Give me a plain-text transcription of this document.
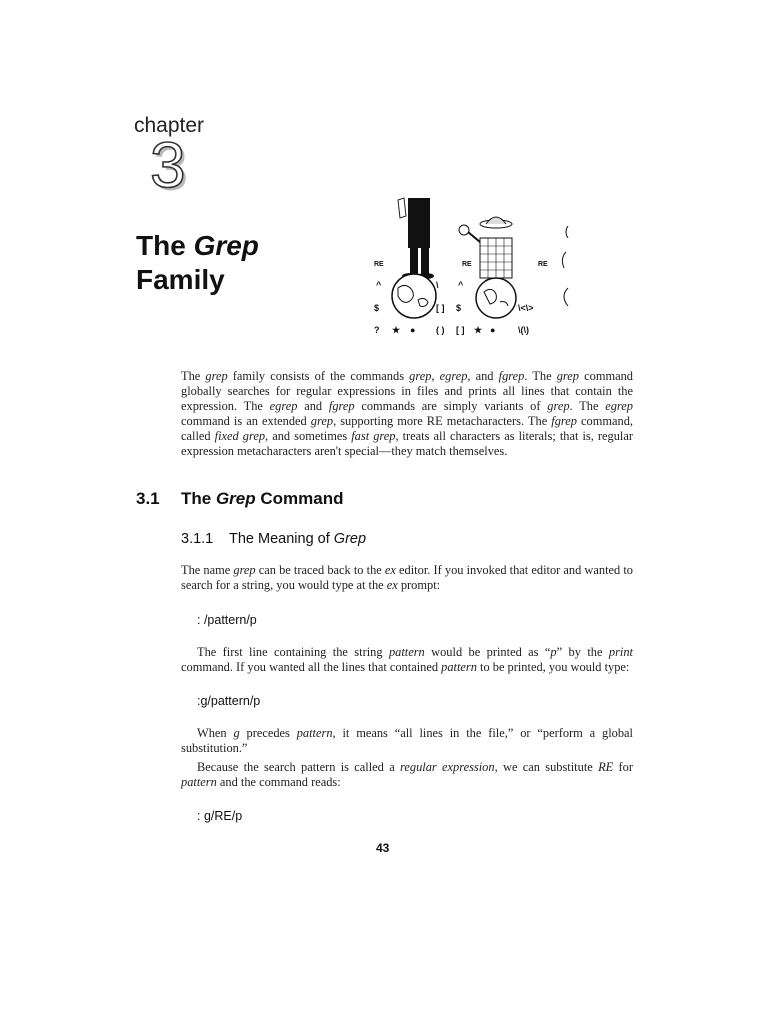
chapter
3
The Grep
Family	RE	RE	RE
^	\ ^
$	[ ] $	\<\>
? ★ ● ( ) [ ] ★ ●	\(\)

The grep family consists of the commands grep, egrep, and fgrep. The grep command globally searches for regular expressions in files and prints all lines that contain the expression. The egrep and fgrep commands are simply variants of grep. The egrep command is an extended grep, supporting more RE metacharacters. The fgrep command, called fixed grep, and sometimes fast grep, treats all characters as literals; that is, regular expression metacharacters aren't special—they match themselves.

3.1 The Grep Command
3.1.1 The Meaning of Grep

The name grep can be traced back to the ex editor. If you invoked that editor and wanted to search for a string, you would type at the ex prompt:

: /pattern/p

The first line containing the string pattern would be printed as “p” by the print command. If you wanted all the lines that contained pattern to be printed, you would type:

:g/pattern/p

When g precedes pattern, it means “all lines in the file,” or “perform a global substitution.”

Because the search pattern is called a regular expression, we can substitute RE for pattern and the command reads:

: g/RE/p
43
